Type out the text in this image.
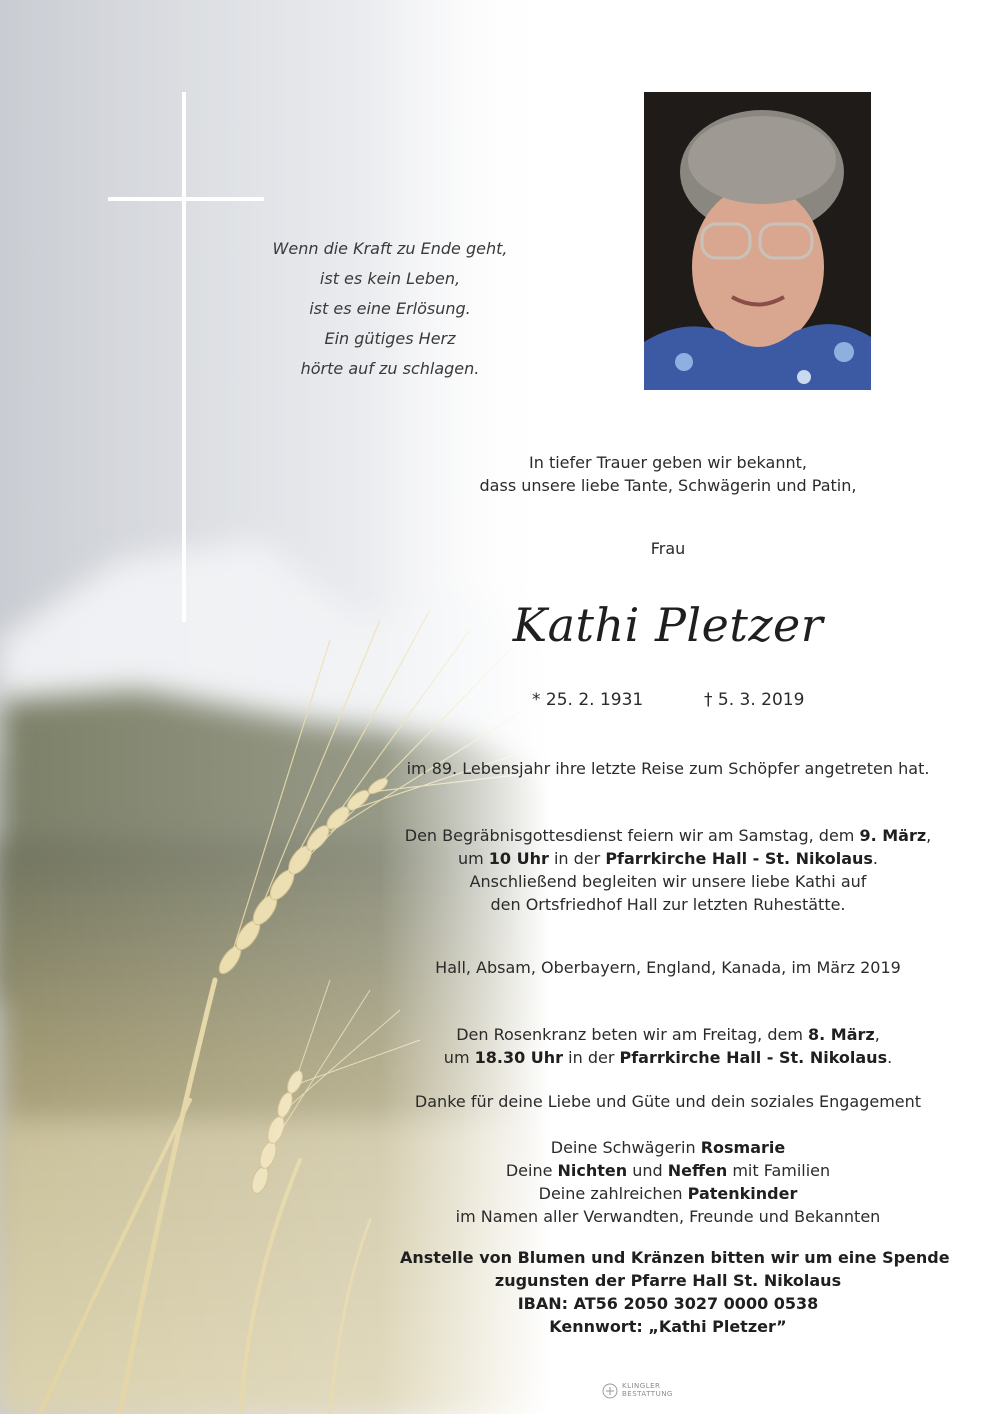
Wenn die Kraft zu Ende geht,
ist es kein Leben,
ist es eine Erlösung.
Ein gütiges Herz
hörte auf zu schlagen.
In tiefer Trauer geben wir bekannt,
dass unsere liebe Tante, Schwägerin und Patin,
Frau
Kathi Pletzer
* 25. 2. 1931	† 5. 3. 2019
im 89. Lebensjahr ihre letzte Reise zum Schöpfer angetreten hat.
Den Begräbnisgottesdienst feiern wir am Samstag, dem 9. März,
um 10 Uhr in der Pfarrkirche Hall - St. Nikolaus.
Anschließend begleiten wir unsere liebe Kathi auf
den Ortsfriedhof Hall zur letzten Ruhestätte.
Hall, Absam, Oberbayern, England, Kanada, im März 2019
Den Rosenkranz beten wir am Freitag, dem 8. März,
um 18.30 Uhr in der Pfarrkirche Hall - St. Nikolaus.
Danke für deine Liebe und Güte und dein soziales Engagement
Deine Schwägerin Rosmarie
Deine Nichten und Neffen mit Familien
Deine zahlreichen Patenkinder
im Namen aller Verwandten, Freunde und Bekannten
Anstelle von Blumen und Kränzen bitten wir um eine Spende
zugunsten der Pfarre Hall St. Nikolaus
IBAN: AT56 2050 3027 0000 0538
Kennwort: „Kathi Pletzer”
KLINGLER BESTATTUNG
